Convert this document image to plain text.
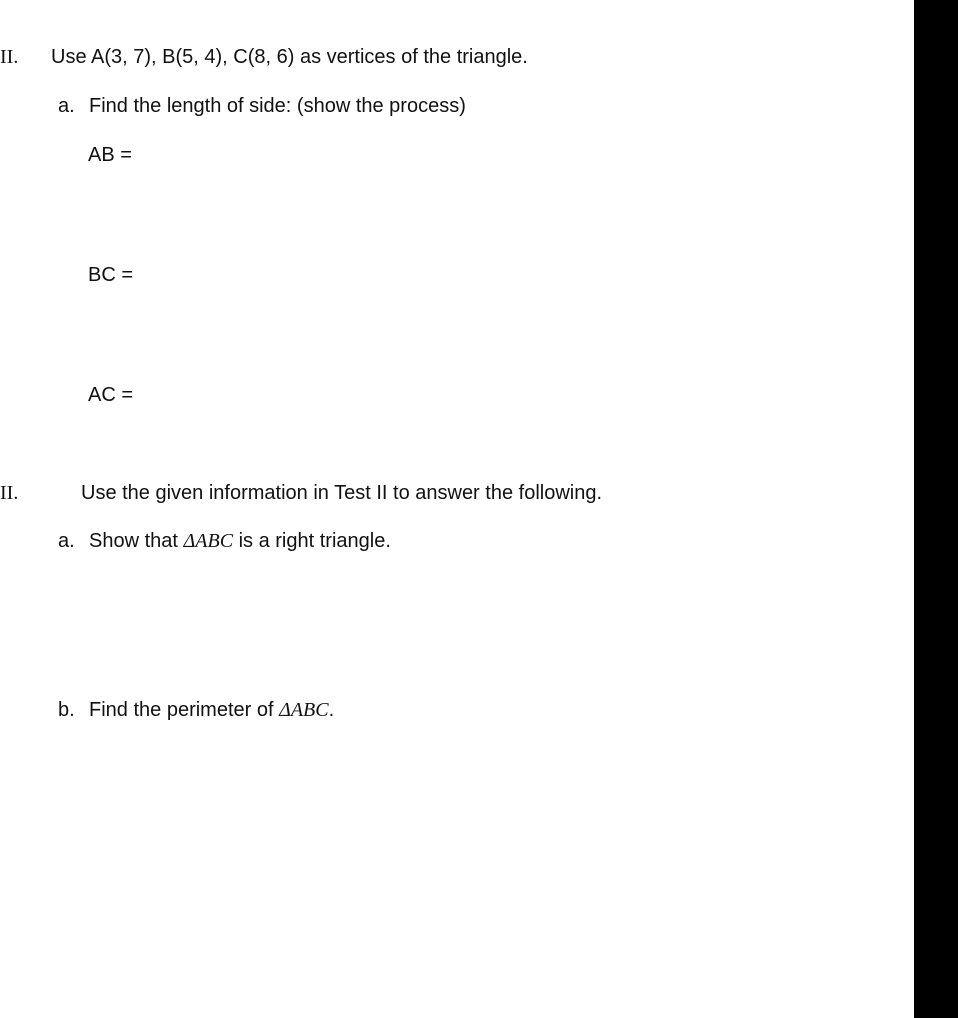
II. Use A(3, 7), B(5, 4), C(8, 6) as vertices of the triangle.
a. Find the length of side: (show the process)
AB =
BC =
AC =
II.	Use the given information in Test II to answer the following.
a. Show that ΔABC is a right triangle.
b. Find the perimeter of ΔABC.
